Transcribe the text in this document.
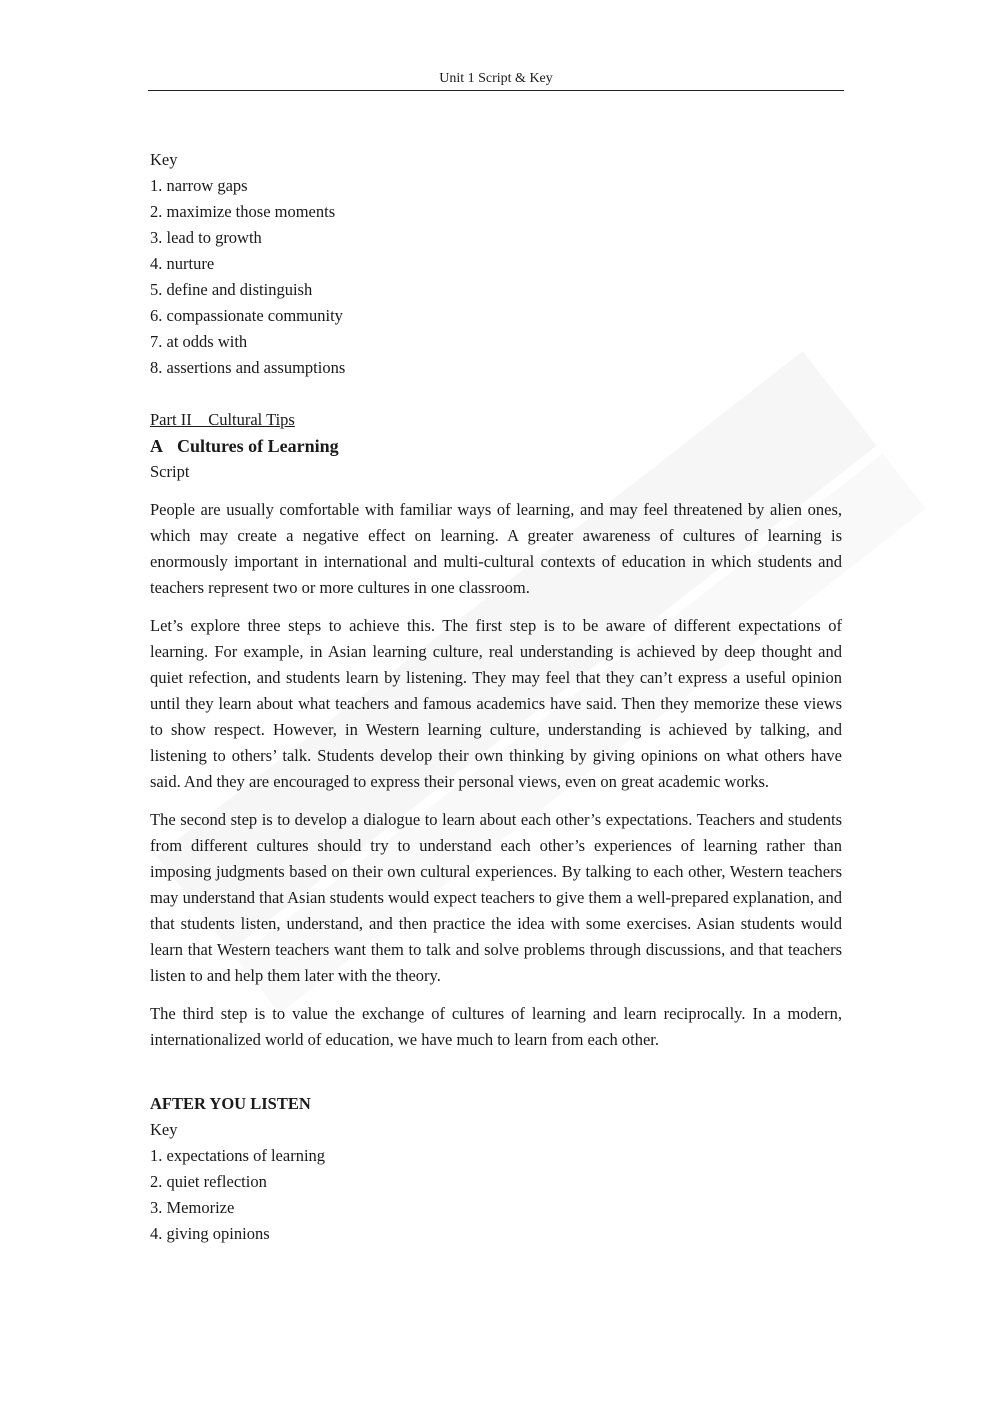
Unit 1 Script & Key
Key
1. narrow gaps
2. maximize those moments
3. lead to growth
4. nurture
5. define and distinguish
6. compassionate community
7. at odds with
8. assertions and assumptions
Part II Cultural Tips
A Cultures of Learning
Script

People are usually comfortable with familiar ways of learning, and may feel threatened by alien ones, which may create a negative effect on learning. A greater awareness of cultures of learning is enormously important in international and multi-cultural contexts of education in which students and teachers represent two or more cultures in one classroom.

Let’s explore three steps to achieve this. The first step is to be aware of different expectations of learning. For example, in Asian learning culture, real understanding is achieved by deep thought and quiet refection, and students learn by listening. They may feel that they can’t express a useful opinion until they learn about what teachers and famous academics have said. Then they memorize these views to show respect. However, in Western learning culture, understanding is achieved by talking, and listening to others’ talk. Students develop their own thinking by giving opinions on what others have said. And they are encouraged to express their personal views, even on great academic works.

The second step is to develop a dialogue to learn about each other’s expectations. Teachers and students from different cultures should try to understand each other’s experiences of learning rather than imposing judgments based on their own cultural experiences. By talking to each other, Western teachers may understand that Asian students would expect teachers to give them a well-prepared explanation, and that students listen, understand, and then practice the idea with some exercises. Asian students would learn that Western teachers want them to talk and solve problems through discussions, and that teachers listen to and help them later with the theory.

The third step is to value the exchange of cultures of learning and learn reciprocally. In a modern, internationalized world of education, we have much to learn from each other.

AFTER YOU LISTEN
Key
1. expectations of learning
2. quiet reflection
3. Memorize
4. giving opinions
